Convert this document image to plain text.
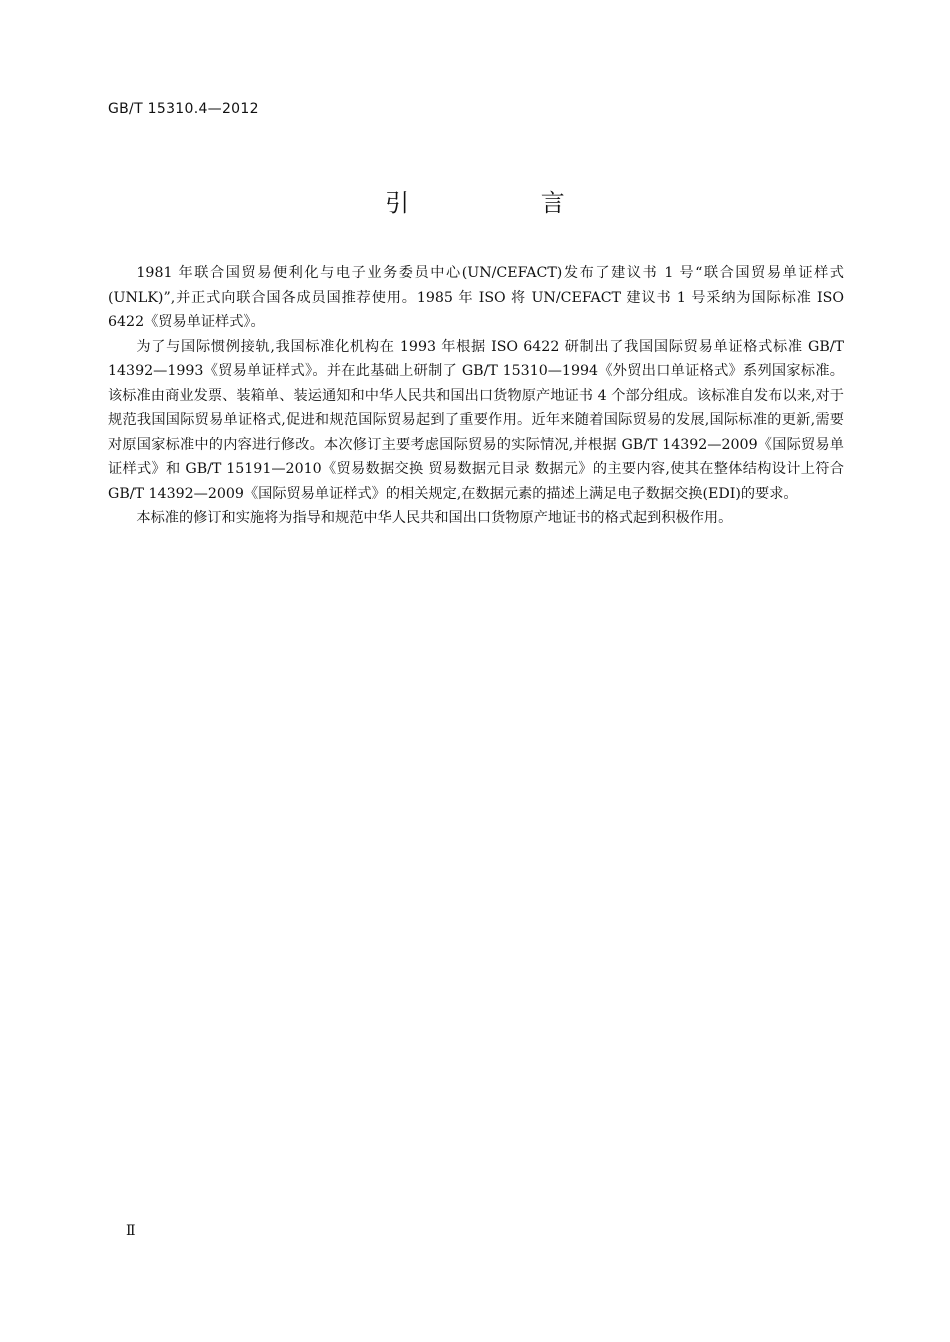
GB/T 15310.4—2012
引 言

1981 年联合国贸易便利化与电子业务委员中心(UN/CEFACT)发布了建议书 1 号“联合国贸易单证样式(UNLK)”,并正式向联合国各成员国推荐使用。1985 年 ISO 将 UN/CEFACT 建议书 1 号采纳为国际标准 ISO 6422《贸易单证样式》。

为了与国际惯例接轨,我国标准化机构在 1993 年根据 ISO 6422 研制出了我国国际贸易单证格式标准 GB/T 14392—1993《贸易单证样式》。并在此基础上研制了 GB/T 15310—1994《外贸出口单证格式》系列国家标准。该标准由商业发票、装箱单、装运通知和中华人民共和国出口货物原产地证书 4 个部分组成。该标准自发布以来,对于规范我国国际贸易单证格式,促进和规范国际贸易起到了重要作用。近年来随着国际贸易的发展,国际标准的更新,需要对原国家标准中的内容进行修改。本次修订主要考虑国际贸易的实际情况,并根据 GB/T 14392—2009《国际贸易单证样式》和 GB/T 15191—2010《贸易数据交换 贸易数据元目录 数据元》的主要内容,使其在整体结构设计上符合 GB/T 14392—2009《国际贸易单证样式》的相关规定,在数据元素的描述上满足电子数据交换(EDI)的要求。

本标准的修订和实施将为指导和规范中华人民共和国出口货物原产地证书的格式起到积极作用。

Ⅱ
